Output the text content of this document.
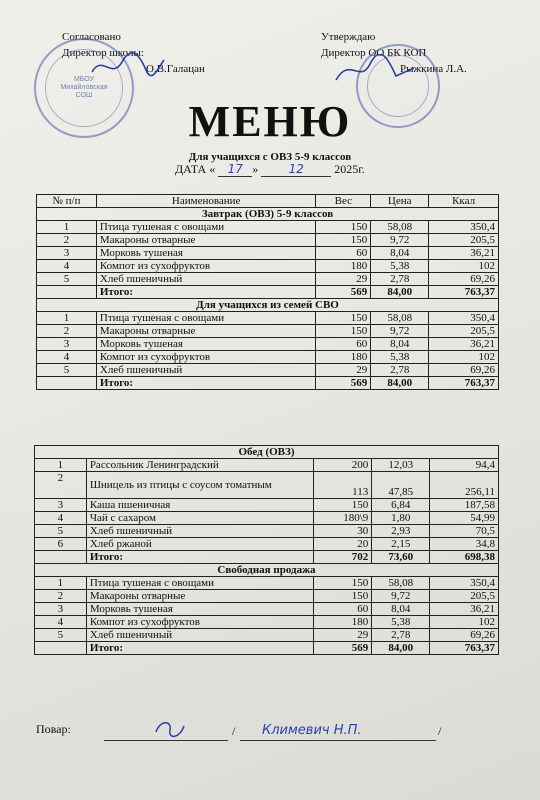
Согласовано
Директор школы:
О.В.Галацан
Утверждаю
Директор ОО БК КОП
Рыжкина Л.А.
МБОУ
Михайловская
СОШ
МЕНЮ
Для учащихся с ОВЗ 5-9 классов
ДАТА « 17 »	12	2025г.
№ п/п	Наименование	Вес	Цена	Ккал
Завтрак (ОВЗ) 5-9 классов				
1	Птица тушеная с овощами	150	58,08	350,4
2	Макароны отварные	150	9,72	205,5
3	Морковь тушеная	60	8,04	36,21
4	Компот из сухофруктов	180	5,38	102
5	Хлеб пшеничный	29	2,78	69,26
	Итого:	569	84,00	763,37
Для учащихся из семей СВО				
1	Птица тушеная с овощами	150	58,08	350,4
2	Макароны отварные	150	9,72	205,5
3	Морковь тушеная	60	8,04	36,21
4	Компот из сухофруктов	180	5,38	102
5	Хлеб пшеничный	29	2,78	69,26
	Итого:	569	84,00	763,37
Обед (ОВЗ)				
1	Рассольник Ленинградский	200	12,03	94,4
2	Шницель из птицы с соусом томатным	113	47,85	256,11
3	Каша пшеничная	150	6,84	187,58
4	Чай с сахаром	180\9	1,80	54,99
5	Хлеб пшеничный	30	2,93	70,5
6	Хлеб ржаной	20	2,15	34,8
	Итого:	702	73,60	698,38
Свободная продажа				
1	Птица тушеная с овощами	150	58,08	350,4
2	Макароны отварные	150	9,72	205,5
3	Морковь тушеная	60	8,04	36,21
4	Компот из сухофруктов	180	5,38	102
5	Хлеб пшеничный	29	2,78	69,26
	Итого:	569	84,00	763,37
Повар:	/ Климевич Н.П.	/
